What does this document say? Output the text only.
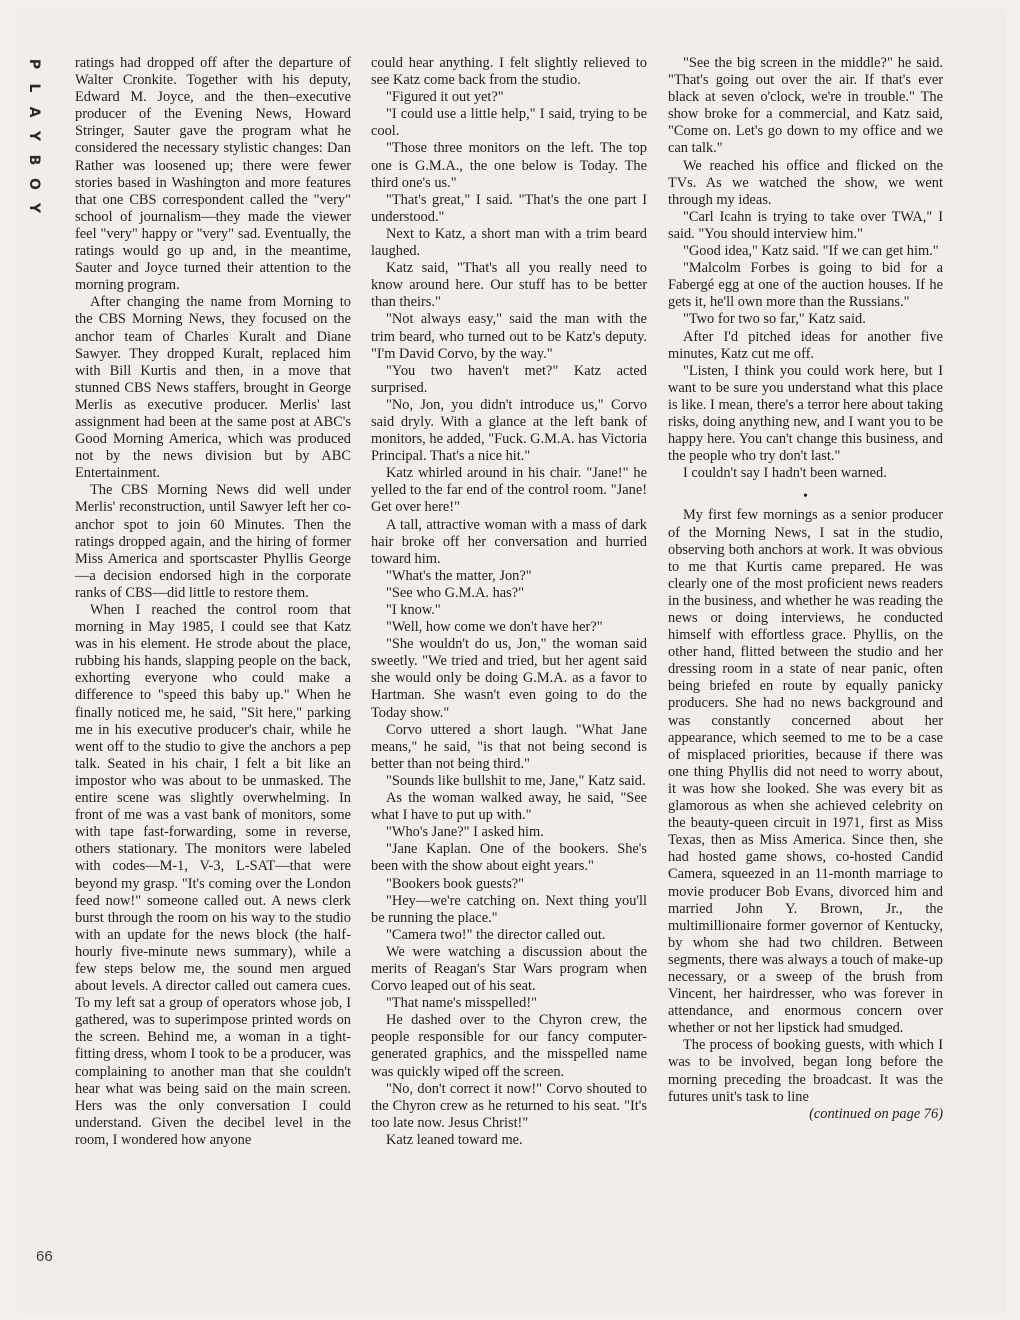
P
L
A
Y
B
O
Y

ratings had dropped off after the departure of Walter Cronkite. Together with his deputy, Edward M. Joyce, and the then–executive producer of the Evening News, Howard Stringer, Sauter gave the program what he considered the necessary stylistic changes: Dan Rather was loosened up; there were fewer stories based in Washington and more features that one CBS correspondent called the "very" school of journalism—they made the viewer feel "very" happy or "very" sad. Eventually, the ratings would go up and, in the meantime, Sauter and Joyce turned their attention to the morning program.

After changing the name from Morning to the CBS Morning News, they focused on the anchor team of Charles Kuralt and Diane Sawyer. They dropped Kuralt, replaced him with Bill Kurtis and then, in a move that stunned CBS News staffers, brought in George Merlis as executive producer. Merlis' last assignment had been at the same post at ABC's Good Morning America, which was produced not by the news division but by ABC Entertainment.

The CBS Morning News did well under Merlis' reconstruction, until Sawyer left her co-anchor spot to join 60 Minutes. Then the ratings dropped again, and the hiring of former Miss America and sportscaster Phyllis George—a decision endorsed high in the corporate ranks of CBS—did little to restore them.

When I reached the control room that morning in May 1985, I could see that Katz was in his element. He strode about the place, rubbing his hands, slapping people on the back, exhorting everyone who could make a difference to "speed this baby up." When he finally noticed me, he said, "Sit here," parking me in his executive producer's chair, while he went off to the studio to give the anchors a pep talk. Seated in his chair, I felt a bit like an impostor who was about to be unmasked. The entire scene was slightly overwhelming. In front of me was a vast bank of monitors, some with tape fast-forwarding, some in reverse, others stationary. The monitors were labeled with codes—M-1, V-3, L-SAT—that were beyond my grasp. "It's coming over the London feed now!" someone called out. A news clerk burst through the room on his way to the studio with an update for the news block (the half-hourly five-minute news summary), while a few steps below me, the sound men argued about levels. A director called out camera cues. To my left sat a group of operators whose job, I gathered, was to superimpose printed words on the screen. Behind me, a woman in a tight-fitting dress, whom I took to be a producer, was complaining to another man that she couldn't hear what was being said on the main screen. Hers was the only conversation I could understand. Given the decibel level in the room, I wondered how anyone

could hear anything. I felt slightly relieved to see Katz come back from the studio.

"Figured it out yet?"

"I could use a little help," I said, trying to be cool.

"Those three monitors on the left. The top one is G.M.A., the one below is Today. The third one's us."

"That's great," I said. "That's the one part I understood."

Next to Katz, a short man with a trim beard laughed.

Katz said, "That's all you really need to know around here. Our stuff has to be better than theirs."

"Not always easy," said the man with the trim beard, who turned out to be Katz's deputy. "I'm David Corvo, by the way."

"You two haven't met?" Katz acted surprised.

"No, Jon, you didn't introduce us," Corvo said dryly. With a glance at the left bank of monitors, he added, "Fuck. G.M.A. has Victoria Principal. That's a nice hit."

Katz whirled around in his chair. "Jane!" he yelled to the far end of the control room. "Jane! Get over here!"

A tall, attractive woman with a mass of dark hair broke off her conversation and hurried toward him.

"What's the matter, Jon?"

"See who G.M.A. has?"

"I know."

"Well, how come we don't have her?"

"She wouldn't do us, Jon," the woman said sweetly. "We tried and tried, but her agent said she would only be doing G.M.A. as a favor to Hartman. She wasn't even going to do the Today show."

Corvo uttered a short laugh. "What Jane means," he said, "is that not being second is better than not being third."

"Sounds like bullshit to me, Jane," Katz said.

As the woman walked away, he said, "See what I have to put up with."

"Who's Jane?" I asked him.

"Jane Kaplan. One of the bookers. She's been with the show about eight years."

"Bookers book guests?"

"Hey—we're catching on. Next thing you'll be running the place."

"Camera two!" the director called out.

We were watching a discussion about the merits of Reagan's Star Wars program when Corvo leaped out of his seat.

"That name's misspelled!"

He dashed over to the Chyron crew, the people responsible for our fancy computer-generated graphics, and the misspelled name was quickly wiped off the screen.

"No, don't correct it now!" Corvo shouted to the Chyron crew as he returned to his seat. "It's too late now. Jesus Christ!"

Katz leaned toward me.

"See the big screen in the middle?" he said. "That's going out over the air. If that's ever black at seven o'clock, we're in trouble." The show broke for a commercial, and Katz said, "Come on. Let's go down to my office and we can talk."

We reached his office and flicked on the TVs. As we watched the show, we went through my ideas.

"Carl Icahn is trying to take over TWA," I said. "You should interview him."

"Good idea," Katz said. "If we can get him."

"Malcolm Forbes is going to bid for a Fabergé egg at one of the auction houses. If he gets it, he'll own more than the Russians."

"Two for two so far," Katz said.

After I'd pitched ideas for another five minutes, Katz cut me off.

"Listen, I think you could work here, but I want to be sure you understand what this place is like. I mean, there's a terror here about taking risks, doing anything new, and I want you to be happy here. You can't change this business, and the people who try don't last."

I couldn't say I hadn't been warned.

•

My first few mornings as a senior producer of the Morning News, I sat in the studio, observing both anchors at work. It was obvious to me that Kurtis came prepared. He was clearly one of the most proficient news readers in the business, and whether he was reading the news or doing interviews, he conducted himself with effortless grace. Phyllis, on the other hand, flitted between the studio and her dressing room in a state of near panic, often being briefed en route by equally panicky producers. She had no news background and was constantly concerned about her appearance, which seemed to me to be a case of misplaced priorities, because if there was one thing Phyllis did not need to worry about, it was how she looked. She was every bit as glamorous as when she achieved celebrity on the beauty-queen circuit in 1971, first as Miss Texas, then as Miss America. Since then, she had hosted game shows, co-hosted Candid Camera, squeezed in an 11-month marriage to movie producer Bob Evans, divorced him and married John Y. Brown, Jr., the multimillionaire former governor of Kentucky, by whom she had two children. Between segments, there was always a touch of make-up necessary, or a sweep of the brush from Vincent, her hairdresser, who was forever in attendance, and enormous concern over whether or not her lipstick had smudged.

The process of booking guests, with which I was to be involved, began long before the morning preceding the broadcast. It was the futures unit's task to line

(continued on page 76)

66
